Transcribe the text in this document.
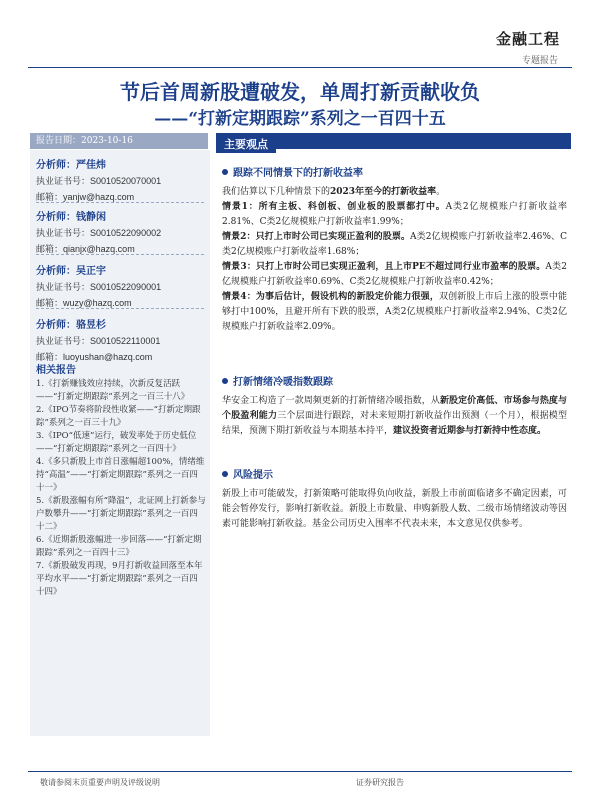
金融工程
专题报告
节后首周新股遭破发，单周打新贡献收负
——“打新定期跟踪”系列之一百四十五
报告日期：2023-10-16	主要观点
分析师：严佳炜
执业证书号：S0010520070001
邮箱：yanjw@hazq.com
分析师：钱静闲
执业证书号：S0010522090002
邮箱：qianjx@hazq.com
分析师：吴正宇
执业证书号：S0010522090001
邮箱：wuzy@hazq.com
分析师：骆昱杉
执业证书号：S0010522110001
邮箱：luoyushan@hazq.com
相关报告
1.《打新赚钱效应持续，次新反复活跃——“打新定期跟踪”系列之一百三十八》
2.《IPO节奏将阶段性收紧——“打新定期跟踪”系列之一百三十九》
3.《IPO“低速”运行，破发率处于历史低位——“打新定期跟踪”系列之一百四十》
4.《多只新股上市首日涨幅超100%，情绪维持“高温”——“打新定期跟踪”系列之一百四十一》
5.《新股涨幅有所“降温”，北证网上打新参与户数攀升——“打新定期跟踪”系列之一百四十二》
6.《近期新股涨幅进一步回落——“打新定期跟踪”系列之一百四十三》
7.《新股破发再现，9月打新收益回落至本年平均水平——“打新定期跟踪”系列之一百四十四》
跟踪不同情景下的打新收益率
我们估算以下几种情景下的2023年至今的打新收益率。
情景1：所有主板、科创板、创业板的股票都打中。A类2亿规模账户打新收益率2.81%、C类2亿规模账户打新收益率1.99%；
情景2：只打上市时公司已实现正盈利的股票。A类2亿规模账户打新收益率2.46%、C类2亿规模账户打新收益率1.68%；
情景3：只打上市时公司已实现正盈利，且上市PE不超过同行业市盈率的股票。A类2亿规模账户打新收益率0.69%、C类2亿规模账户打新收益率0.42%；
情景4：为事后估计，假设机构的新股定价能力很强，双创新股上市后上涨的股票中能够打中100%，且避开所有下跌的股票，A类2亿规模账户打新收益率2.94%、C类2亿规模账户打新收益率2.09%。
打新情绪冷暖指数跟踪
华安金工构造了一款周频更新的打新情绪冷暖指数，从新股定价高低、市场参与热度与个股盈利能力三个层面进行跟踪，对未来短期打新收益作出预测（一个月），根据模型结果，预测下期打新收益与本期基本持平，建议投资者近期参与打新持中性态度。
风险提示
新股上市可能破发，打新策略可能取得负向收益，新股上市前面临诸多不确定因素，可能会暂停发行，影响打新收益。新股上市数量、申购新股人数、二级市场情绪波动等因素可能影响打新收益。基金公司历史入围率不代表未来，本文意见仅供参考。
敬请参阅末页重要声明及评级说明	证券研究报告
